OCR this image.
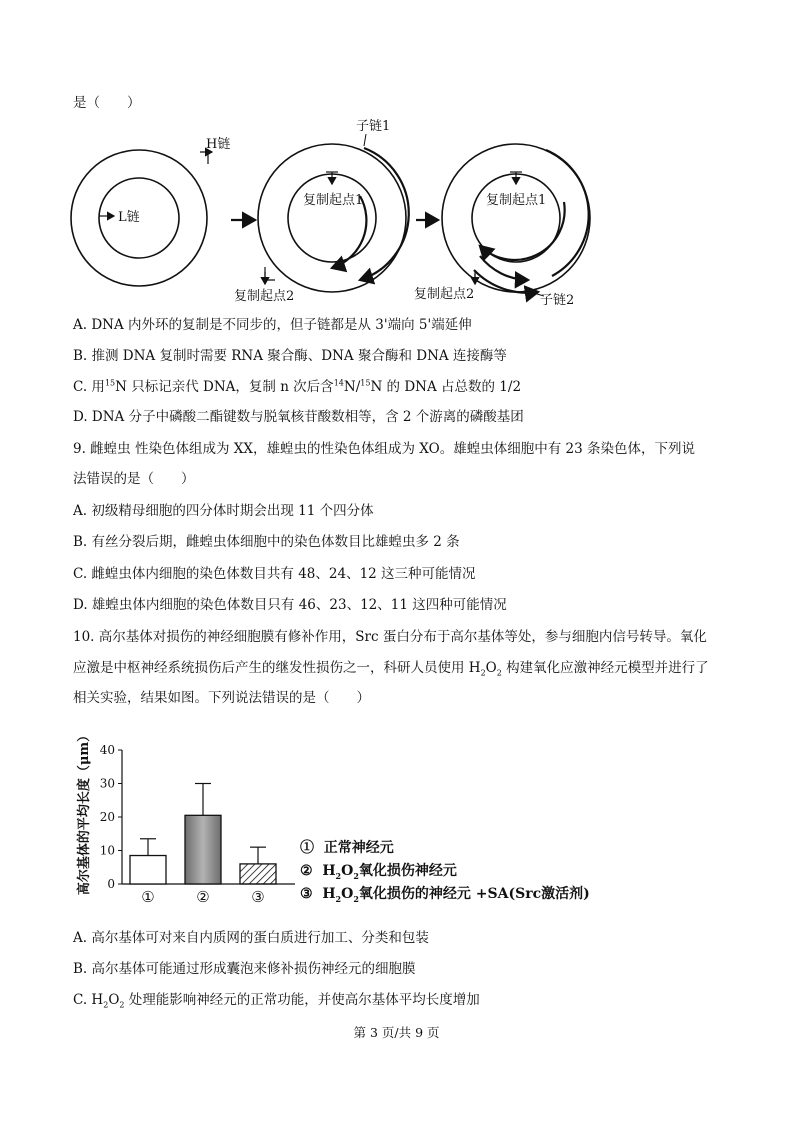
是（　　）
H链
L链
复制起点1
子链1
复制起点2
复制起点1
复制起点2	子链2
A. DNA 内外环的复制是不同步的，但子链都是从 3'端向 5'端延伸
B. 推测 DNA 复制时需要 RNA 聚合酶、DNA 聚合酶和 DNA 连接酶等
C. 用$^{15}$N 只标记亲代 DNA，复制 n 次后含$^{14}$N/$^{15}$N 的 DNA 占总数的 1/2
D. DNA 分子中磷酸二酯键数与脱氧核苷酸数相等，含 2 个游离的磷酸基团
9. 雌蝗虫 性染色体组成为 XX，雄蝗虫的性染色体组成为 XO。雄蝗虫体细胞中有 23 条染色体，下列说
法错误的是（　　）
A. 初级精母细胞的四分体时期会出现 11 个四分体
B. 有丝分裂后期，雌蝗虫体细胞中的染色体数目比雄蝗虫多 2 条
C. 雌蝗虫体内细胞的染色体数目共有 48、24、12 这三种可能情况
D. 雄蝗虫体内细胞的染色体数目只有 46、23、12、11 这四种可能情况
10. 高尔基体对损伤的神经细胞膜有修补作用，Src 蛋白分布于高尔基体等处，参与细胞内信号转导。氧化
应激是中枢神经系统损伤后产生的继发性损伤之一，科研人员使用 $H_2O_2$ 构建氧化应激神经元模型并进行了
相关实验，结果如图。下列说法错误的是（　　）
高尔基体的平均长度（μm） 0
10
20
30
40
①	②	③
① 正常神经元
② $H_2O_2$氧化损伤神经元
③ $H_2O_2$氧化损伤的神经元 +SA(Src激活剂)
A. 高尔基体可对来自内质网的蛋白质进行加工、分类和包装
B. 高尔基体可能通过形成囊泡来修补损伤神经元的细胞膜
C. $H_2O_2$ 处理能影响神经元的正常功能，并使高尔基体平均长度增加
第 3 页/共 9 页
